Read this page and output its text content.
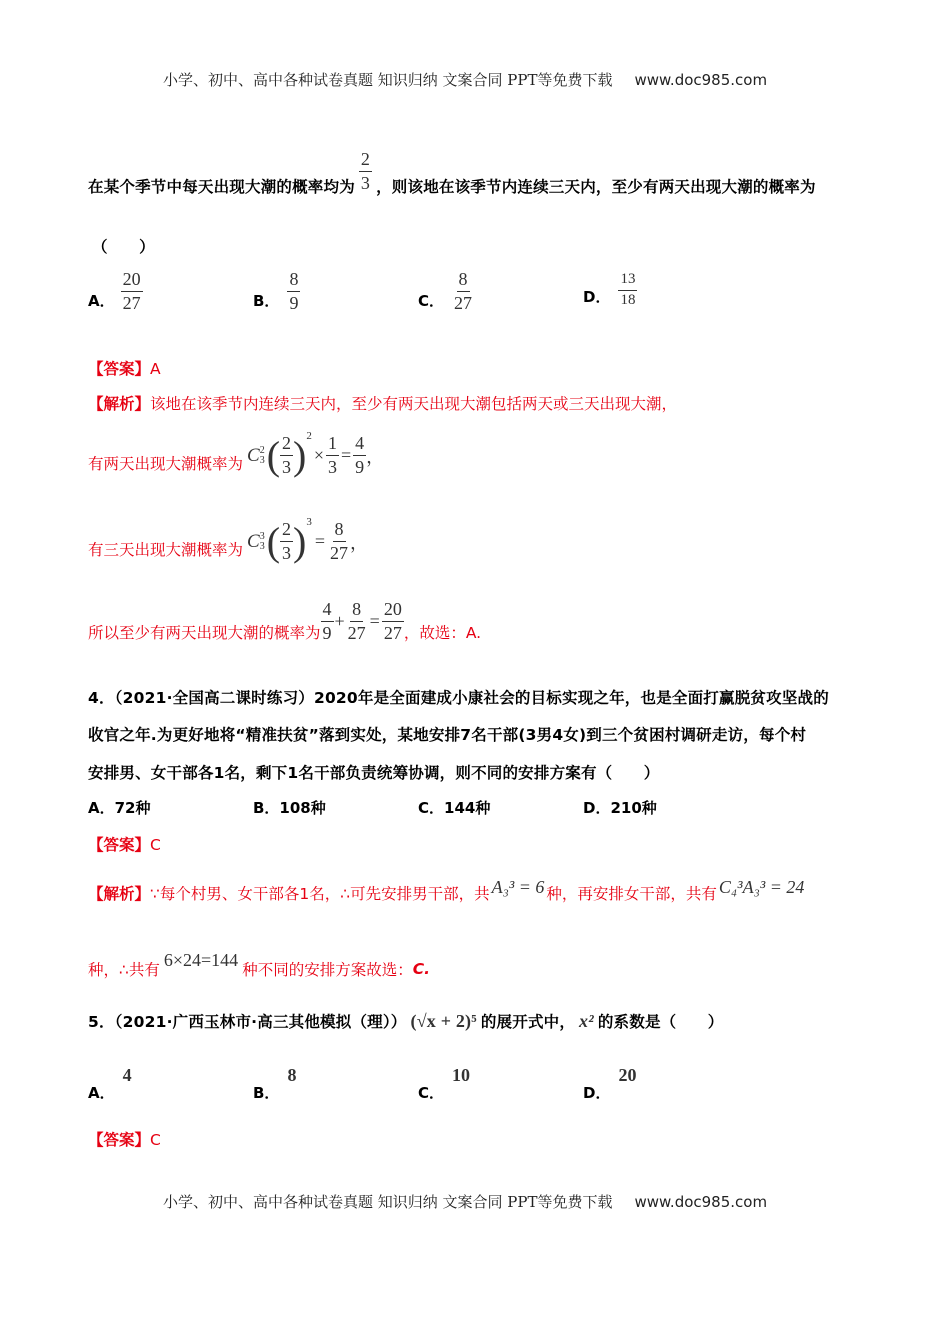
小学、初中、高中各种试卷真题 知识归纳 文案合同 PPT等免费下载 www.doc985.com
在某个季节中每天出现大潮的概率均为 $\frac{2}{3}$ ，则该地在该季节内连续三天内，至少有两天出现大潮的概率为
（　　）
A． $\frac{20}{27}$	B． $\frac{8}{9}$	C． $\frac{8}{27}$	D． $\frac{13}{18}$
【答案】A
【解析】该地在该季节内连续三天内，至少有两天出现大潮包括两天或三天出现大潮，
有两天出现大潮概率为 C 2
3 ( $\frac{2}{3}$ ) 2
× $\frac{1}{3} = \frac{4}{9}$ ，
有三天出现大潮概率为 C 3
3 ( $\frac{2}{3}$ ) 3
= $\frac{8}{27}$ ，
所以至少有两天出现大潮的概率为 $\frac{4}{9} + \frac{8}{27} = \frac{20}{27}$ ，故选：A.
4．（2021·全国高二课时练习）2020年是全面建成小康社会的目标实现之年，也是全面打赢脱贫攻坚战的
收官之年.为更好地将“精准扶贫”落到实处，某地安排7名干部(3男4女)到三个贫困村调研走访，每个村
安排男、女干部各1名，剩下1名干部负责统筹协调，则不同的安排方案有（　　）
A．72种	B．108种	C．144种	D．210种
【答案】C
【解析】 ∵每个村男、女干部各1名，∴可先安排男干部，共 A₃³ = 6 种，再安排女干部，共有 C₄³A₃³ = 24
种，∴共有
6×24=144
种不同的安排方案故选： C.
5．（2021·广西玉林市·高三其他模拟（理）） (√x + 2)⁵ 的展开式中， x² 的系数是（　　）
A．
4
B．
8
C．
10
D．
20
【答案】C
小学、初中、高中各种试卷真题 知识归纳 文案合同 PPT等免费下载 www.doc985.com
